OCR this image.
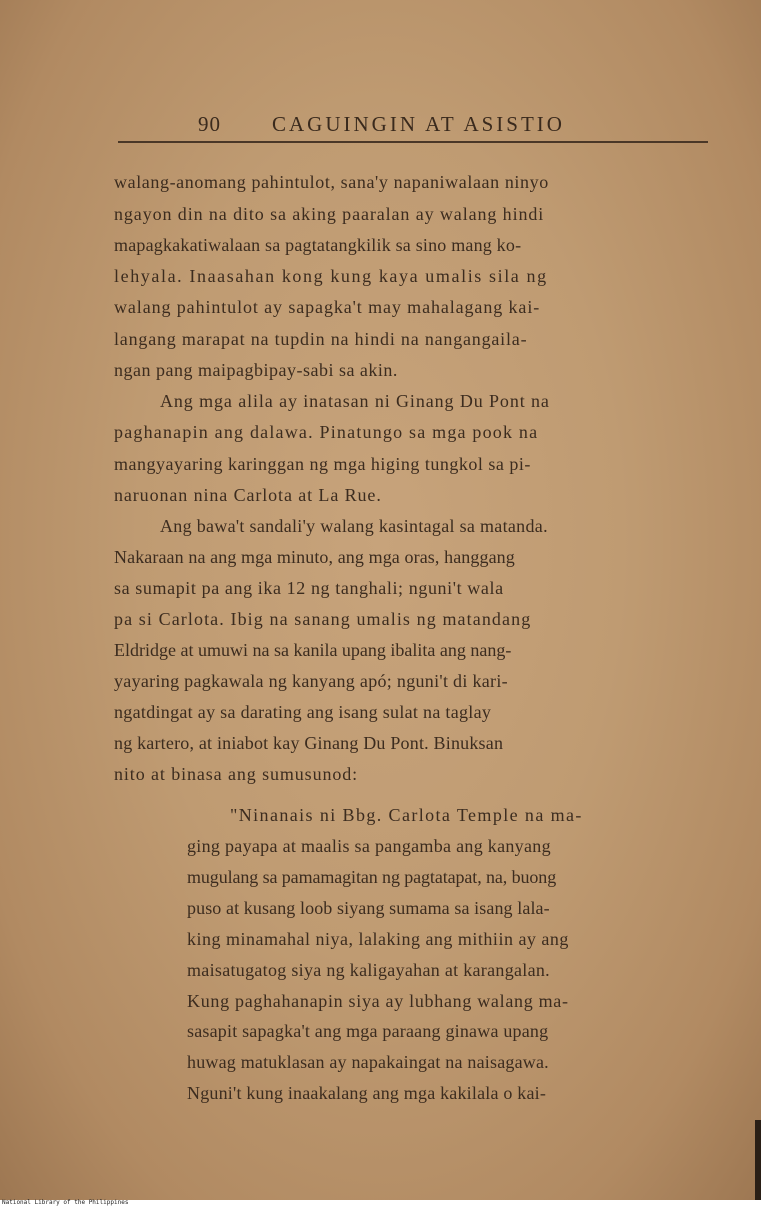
90 CAGUINGIN AT ASISTIO
walang-anomang pahintulot, sana'y napaniwalaan ninyo
ngayon din na dito sa aking paaralan ay walang hindi
mapagkakatiwalaan sa pagtatangkilik sa sino mang ko-
lehyala. Inaasahan kong kung kaya umalis sila ng
walang pahintulot ay sapagka't may mahalagang kai-
langang marapat na tupdin na hindi na nangangaila-
ngan pang maipagbipay-sabi sa akin.
Ang mga alila ay inatasan ni Ginang Du Pont na
paghanapin ang dalawa. Pinatungo sa mga pook na
mangyayaring karinggan ng mga higing tungkol sa pi-
naruonan nina Carlota at La Rue.
Ang bawa't sandali'y walang kasintagal sa matanda.
Nakaraan na ang mga minuto, ang mga oras, hanggang
sa sumapit pa ang ika 12 ng tanghali; nguni't wala
pa si Carlota. Ibig na sanang umalis ng matandang
Eldridge at umuwi na sa kanila upang ibalita ang nang-
yayaring pagkawala ng kanyang apó; nguni't di kari-
ngatdingat ay sa darating ang isang sulat na taglay
ng kartero, at iniabot kay Ginang Du Pont. Binuksan
nito at binasa ang sumusunod:
"Ninanais ni Bbg. Carlota Temple na ma-
ging payapa at maalis sa pangamba ang kanyang
mugulang sa pamamagitan ng pagtatapat, na, buong
puso at kusang loob siyang sumama sa isang lala-
king minamahal niya, lalaking ang mithiin ay ang
maisatugatog siya ng kaligayahan at karangalan.
Kung paghahanapin siya ay lubhang walang ma-
sasapit sapagka't ang mga paraang ginawa upang
huwag matuklasan ay napakaingat na naisagawa.
Nguni't kung inaakalang ang mga kakilala o kai-
National Library of the Philippines
